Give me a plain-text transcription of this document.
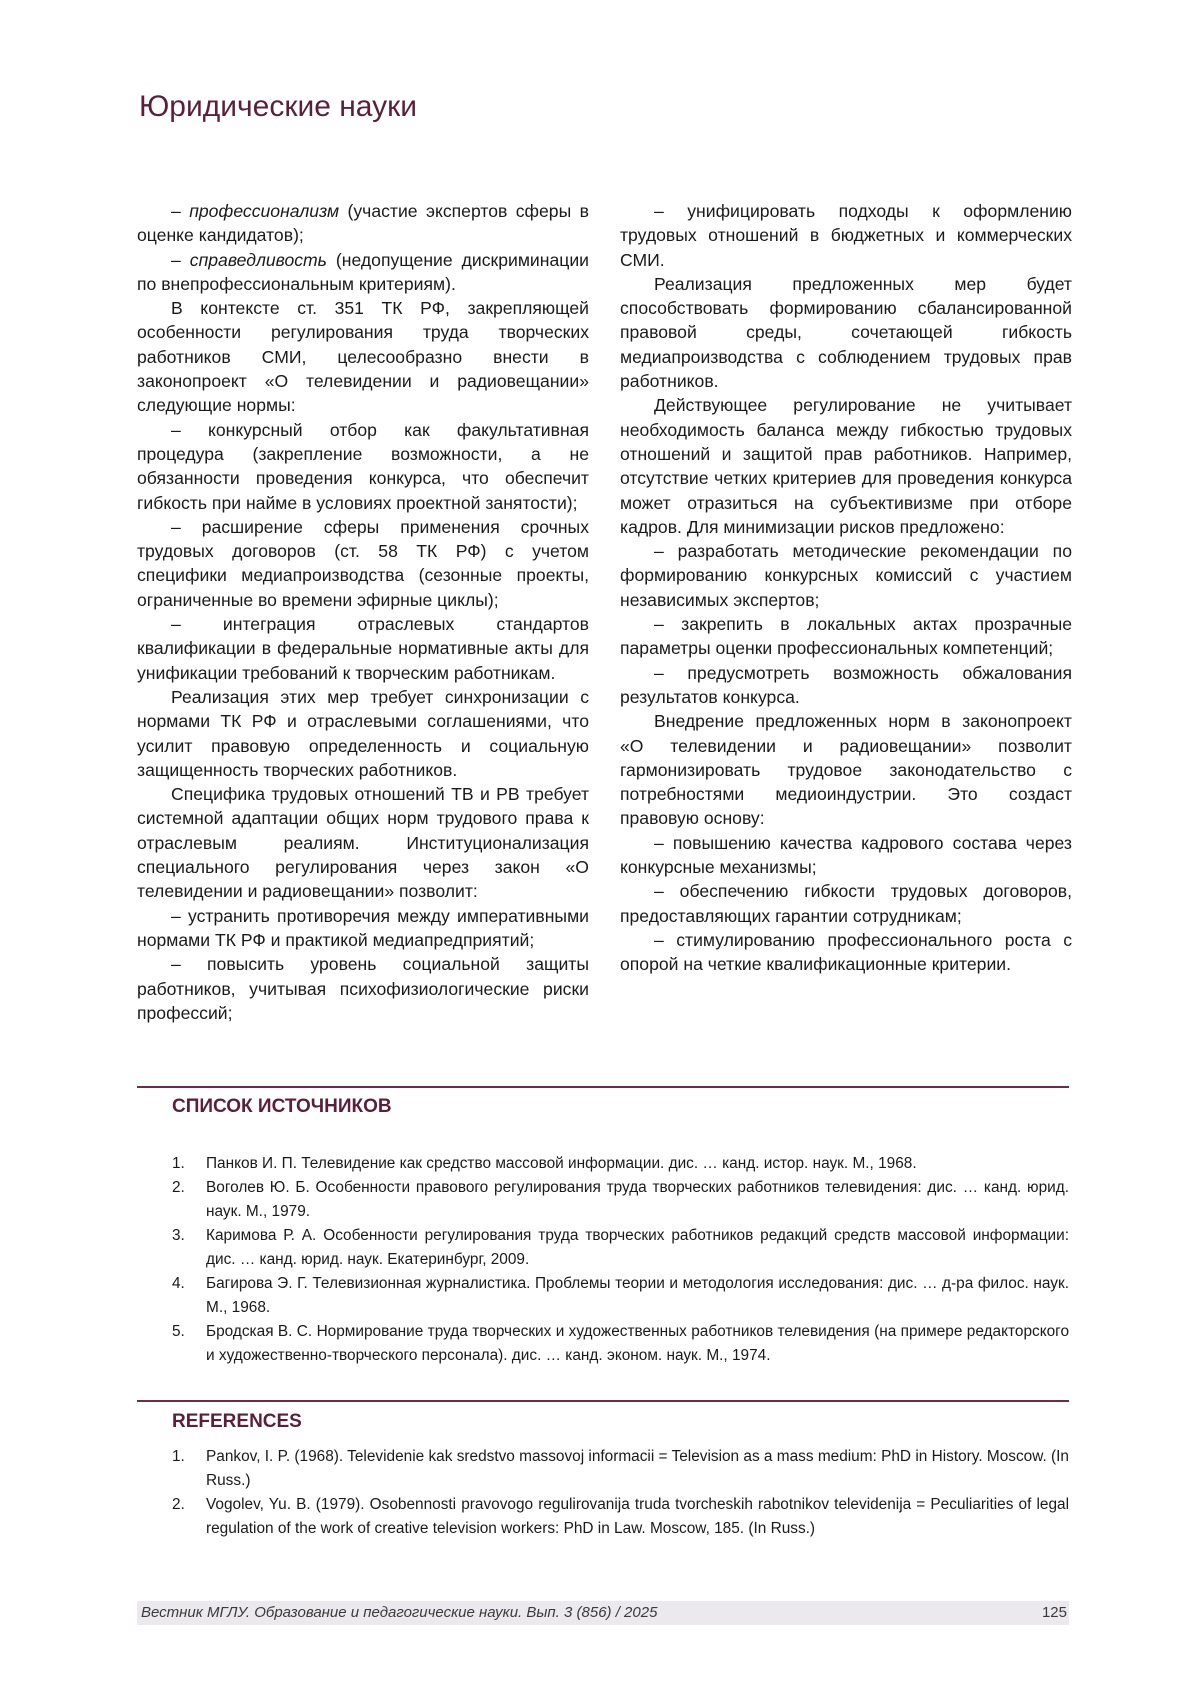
Юридические науки

– профессионализм (участие экспертов сферы в оценке кандидатов);

– справедливость (недопущение дискриминации по внепрофессиональным критериям).

В контексте ст. 351 ТК РФ, закрепляющей особенности регулирования труда творческих работников СМИ, целесообразно внести в законопроект «О телевидении и радиовещании» следующие нормы:

– конкурсный отбор как факультативная процедура (закрепление возможности, а не обязанности проведения конкурса, что обеспечит гибкость при найме в условиях проектной занятости);

– расширение сферы применения срочных трудовых договоров (ст. 58 ТК РФ) с учетом специфики медиапроизводства (сезонные проекты, ограниченные во времени эфирные циклы);

– интеграция отраслевых стандартов квалификации в федеральные нормативные акты для унификации требований к творческим работникам.

Реализация этих мер требует синхронизации с нормами ТК РФ и отраслевыми соглашениями, что усилит правовую определенность и социальную защищенность творческих работников.

Специфика трудовых отношений ТВ и РВ требует системной адаптации общих норм трудового права к отраслевым реалиям. Институционализация специального регулирования через закон «О телевидении и радиовещании» позволит:

– устранить противоречия между императивными нормами ТК РФ и практикой медиапредприятий;

– повысить уровень социальной защиты работников, учитывая психофизиологические риски профессий;

– унифицировать подходы к оформлению трудовых отношений в бюджетных и коммерческих СМИ.

Реализация предложенных мер будет способствовать формированию сбалансированной правовой среды, сочетающей гибкость медиапроизводства с соблюдением трудовых прав работников.

Действующее регулирование не учитывает необходимость баланса между гибкостью трудовых отношений и защитой прав работников. Например, отсутствие четких критериев для проведения конкурса может отразиться на субъективизме при отборе кадров. Для минимизации рисков предложено:

– разработать методические рекомендации по формированию конкурсных комиссий с участием независимых экспертов;

– закрепить в локальных актах прозрачные параметры оценки профессиональных компетенций;

– предусмотреть возможность обжалования результатов конкурса.

Внедрение предложенных норм в законопроект «О телевидении и радиовещании» позволит гармонизировать трудовое законодательство с потребностями медиоиндустрии. Это создаст правовую основу:

– повышению качества кадрового состава через конкурсные механизмы;

– обеспечению гибкости трудовых договоров, предоставляющих гарантии сотрудникам;

– стимулированию профессионального роста с опорой на четкие квалификационные критерии.

СПИСОК ИСТОЧНИКОВ
1. Панков И. П. Телевидение как средство массовой информации. дис. … канд. истор. наук. М., 1968.
2. Воголев Ю. Б. Особенности правового регулирования труда творческих работников телевидения: дис. … канд. юрид. наук. М., 1979.
3. Каримова Р. А. Особенности регулирования труда творческих работников редакций средств массовой информации: дис. … канд. юрид. наук. Екатеринбург, 2009.
4. Багирова Э. Г. Телевизионная журналистика. Проблемы теории и методология исследования: дис. … д-ра филос. наук. М., 1968.
5. Бродская В. С. Нормирование труда творческих и художественных работников телевидения (на примере редакторского и художественно-творческого персонала). дис. … канд. эконом. наук. М., 1974.
REFERENCES
1. Pankov, I. P. (1968). Televidenie kak sredstvo massovoj informacii = Television as a mass medium: PhD in History. Moscow. (In Russ.)
2. Vogolev, Yu. B. (1979). Osobennosti pravovogo regulirovanija truda tvorcheskih rabotnikov televidenija = Peculiarities of legal regulation of the work of creative television workers: PhD in Law. Moscow, 185. (In Russ.)
Вестник МГЛУ. Образование и педагогические науки. Вып. 3 (856) / 2025	125
